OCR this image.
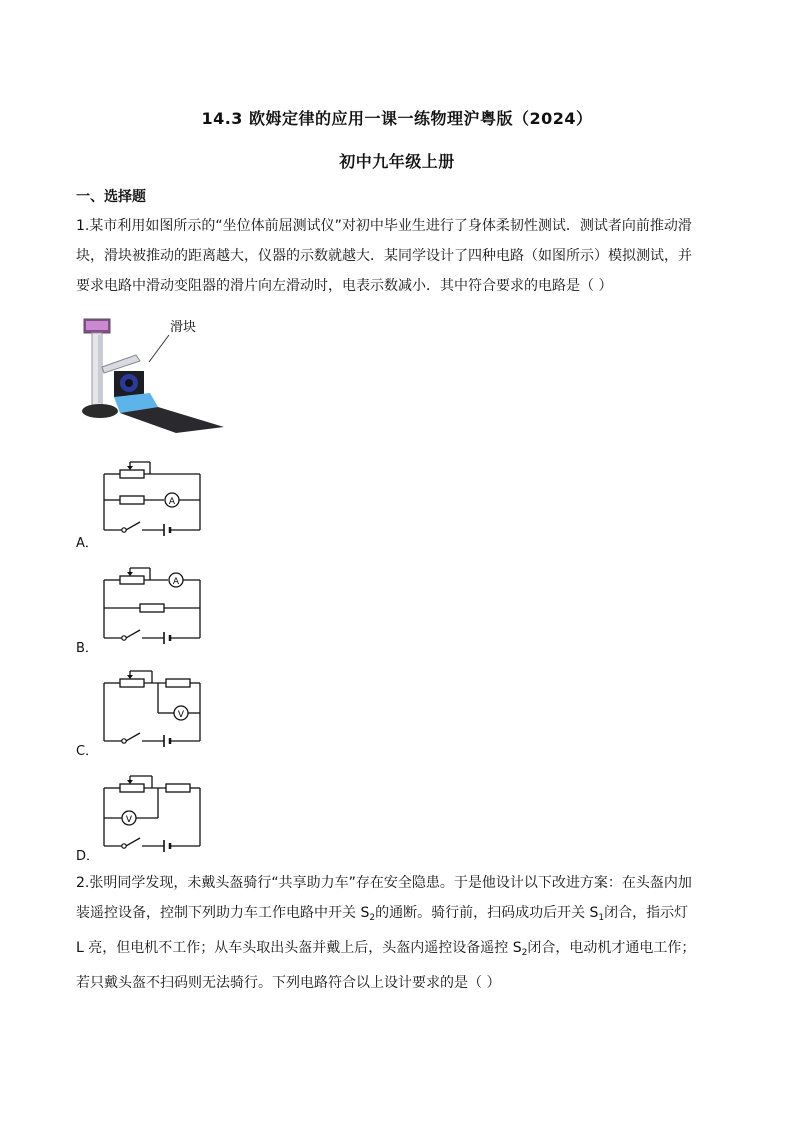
14.3 欧姆定律的应用一课一练物理沪粤版（2024）
初中九年级上册
一、选择题
1.某市利用如图所示的“坐位体前屈测试仪”对初中毕业生进行了身体柔韧性测试．测试者向前推动滑
块，滑块被推动的距离越大，仪器的示数就越大．某同学设计了四种电路（如图所示）模拟测试，并
要求电路中滑动变阻器的滑片向左滑动时，电表示数减小．其中符合要求的电路是（ ）
滑块
A
A．
A
B．
V
C．
V
D．
2.张明同学发现，未戴头盔骑行“共享助力车”存在安全隐患。于是他设计以下改进方案：在头盔内加
装遥控设备，控制下列助力车工作电路中开关 $S_2$的通断。骑行前，扫码成功后开关 $S_1$闭合，指示灯
L 亮，但电机不工作；从车头取出头盔并戴上后，头盔内遥控设备遥控 $S_2$闭合，电动机才通电工作；
若只戴头盔不扫码则无法骑行。下列电路符合以上设计要求的是（ ）
